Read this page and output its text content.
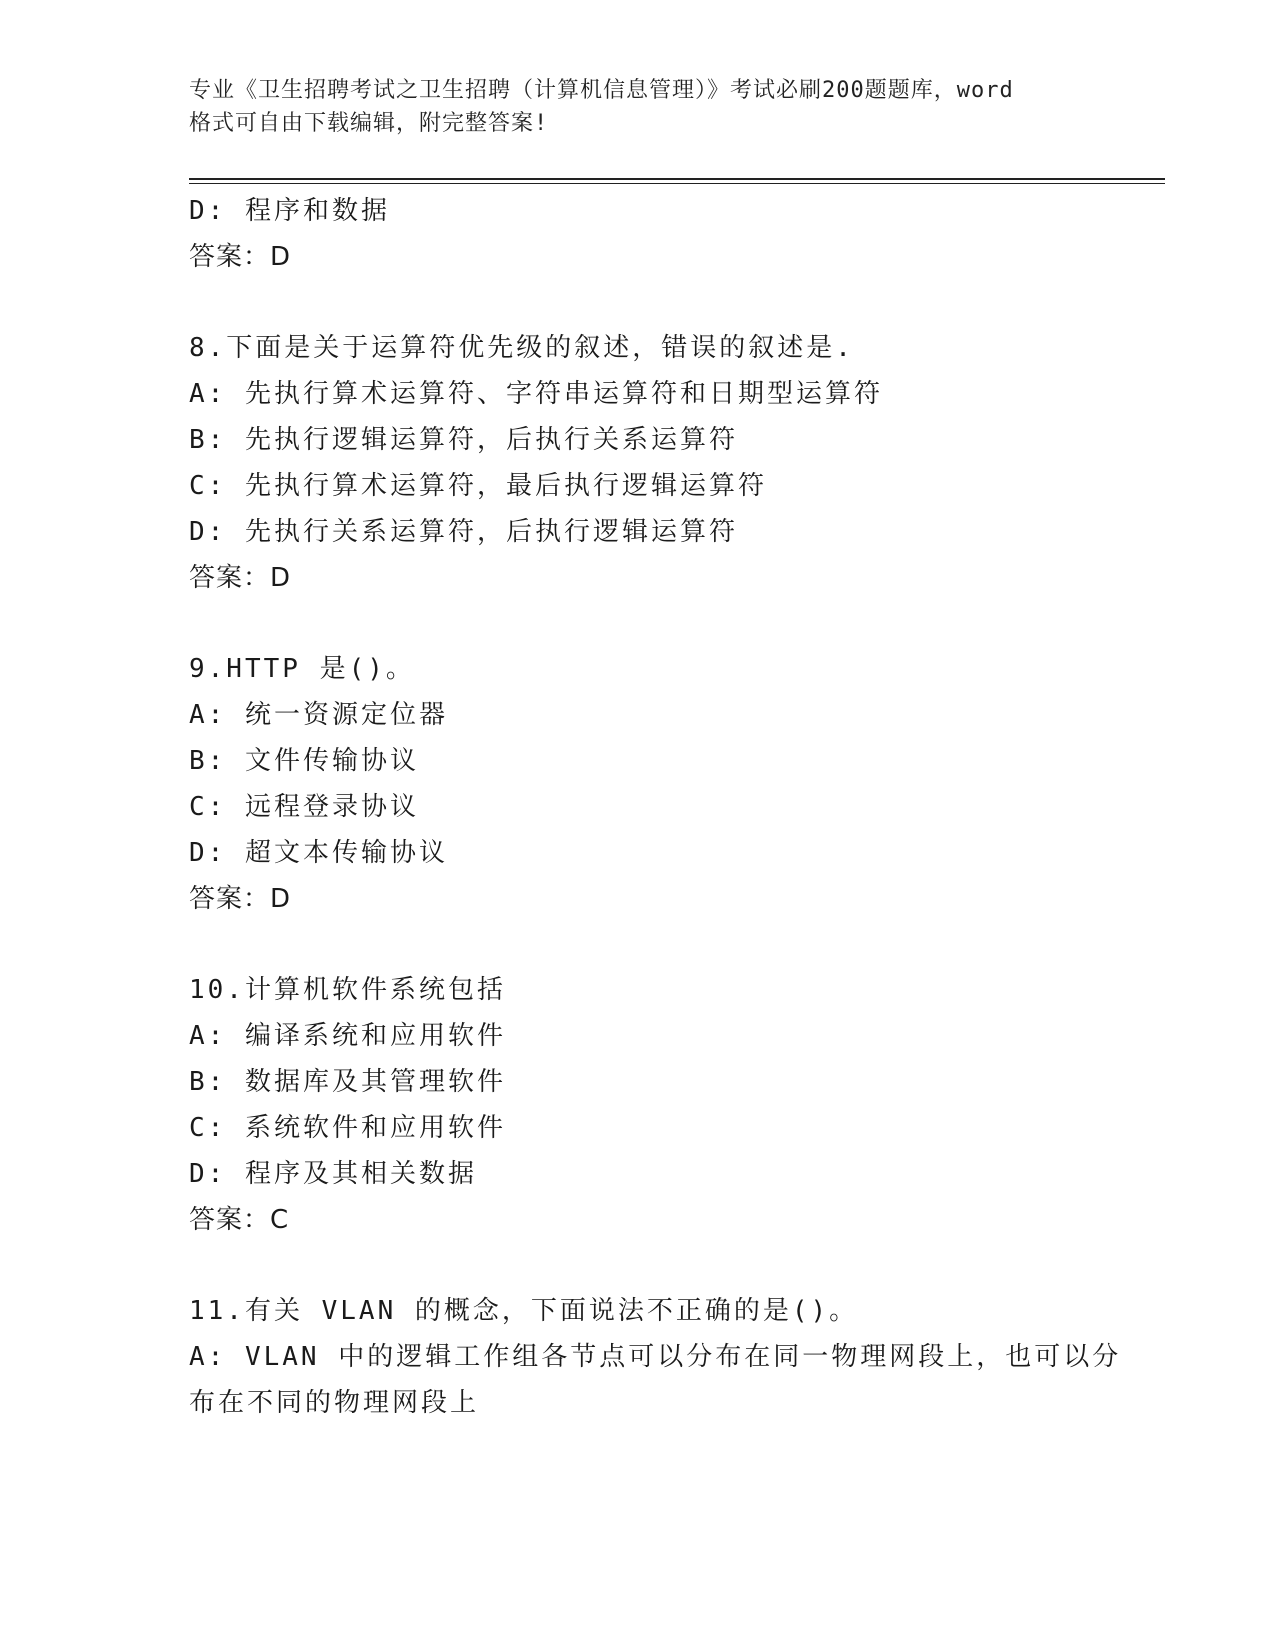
专业《卫生招聘考试之卫生招聘（计算机信息管理）》考试必刷200题题库，word
格式可自由下载编辑，附完整答案!
D: 程序和数据
答案：D
8.下面是关于运算符优先级的叙述，错误的叙述是.
A: 先执行算术运算符、字符串运算符和日期型运算符
B: 先执行逻辑运算符，后执行关系运算符
C: 先执行算术运算符，最后执行逻辑运算符
D: 先执行关系运算符，后执行逻辑运算符
答案：D
9.HTTP 是()。
A: 统一资源定位器
B: 文件传输协议
C: 远程登录协议
D: 超文本传输协议
答案：D
10.计算机软件系统包括
A: 编译系统和应用软件
B: 数据库及其管理软件
C: 系统软件和应用软件
D: 程序及其相关数据
答案：C
11.有关 VLAN 的概念，下面说法不正确的是()。
A: VLAN 中的逻辑工作组各节点可以分布在同一物理网段上，也可以分
布在不同的物理网段上
